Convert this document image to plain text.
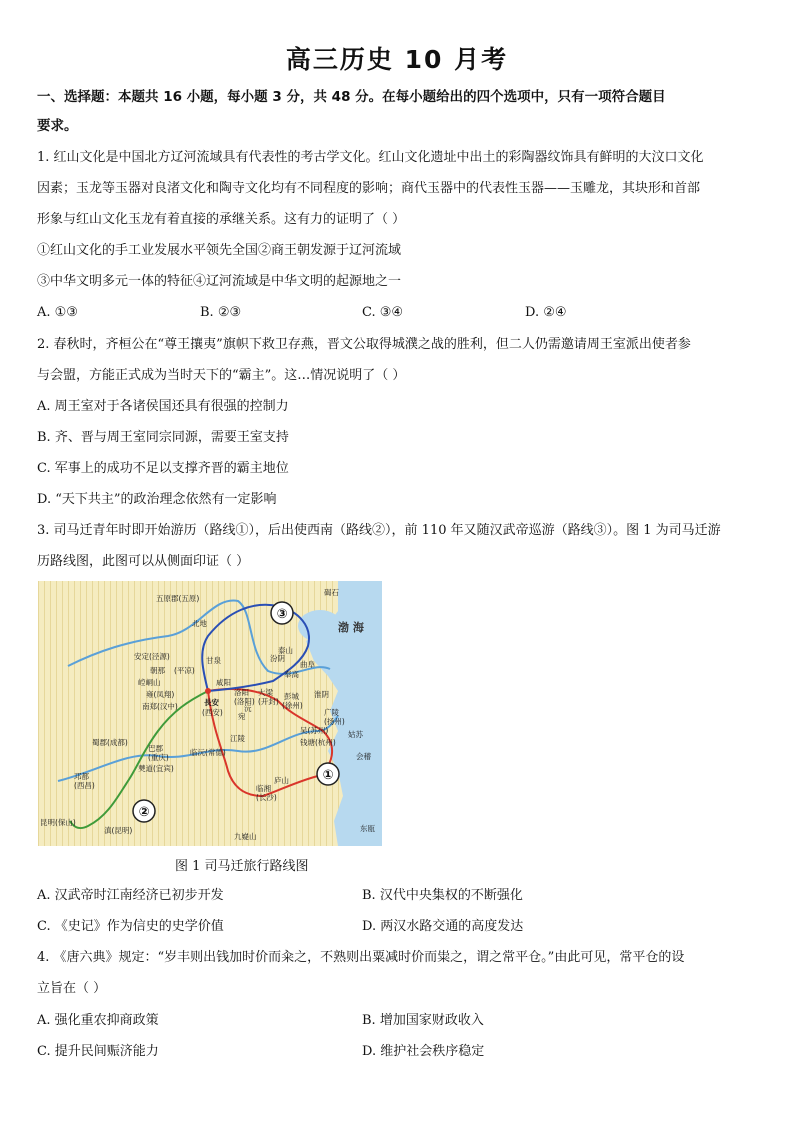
高三历史 10 月考
一、选择题：本题共 16 小题，每小题 3 分，共 48 分。在每小题给出的四个选项中，只有一项符合题目
要求。
1. 红山文化是中国北方辽河流域具有代表性的考古学文化。红山文化遗址中出土的彩陶器纹饰具有鲜明的大汶口文化
因素；玉龙等玉器对良渚文化和陶寺文化均有不同程度的影响；商代玉器中的代表性玉器——玉雕龙，其块形和首部
形象与红山文化玉龙有着直接的承继关系。这有力的证明了（ ）
①红山文化的手工业发展水平领先全国②商王朝发源于辽河流域
③中华文明多元一体的特征④辽河流域是中华文明的起源地之一
A. ①③	B. ②③	C. ③④	D. ②④
2. 春秋时，齐桓公在“尊王攘夷”旗帜下救卫存燕，晋文公取得城濮之战的胜利，但二人仍需邀请周王室派出使者参
与会盟，方能正式成为当时天下的“霸主”。这…情况说明了（ ）
A. 周王室对于各诸侯国还具有很强的控制力
B. 齐、晋与周王室同宗同源，需要王室支持
C. 军事上的成功不足以支撑齐晋的霸主地位
D. “天下共主”的政治理念依然有一定影响
3. 司马迁青年时即开始游历（路线①），后出使西南（路线②），前 110 年又随汉武帝巡游（路线③）。图 1 为司马迁游
历路线图，此图可以从侧面印证（ ）
①
②
③
渤 海
五原郡(五原)
北地
甘泉
安定(泾源)
朝那 (平凉)
崆峒山
雍(凤翔)
南郑(汉中)	長安
(西安)
咸阳
汾阴
洛阳
(洛阳)
宛
大梁
(开封)
彭城
(徐州)
淮阴
曲阜
奉高
泰山
碣石
广陵
(扬州)
姑苏
吴(苏州)
会稽
钱塘(杭州)
庐山
临沅(常德)
临湘
(长沙)
巴郡
(重庆)
蜀郡(成都)
僰道(宜宾)
邛都
(西昌)
昆明(保山)
滇(昆明)
九嶷山
沅
江陵
东瓯
图 1 司马迁旅行路线图
A. 汉武帝时江南经济已初步开发	B. 汉代中央集权的不断强化
C. 《史记》作为信史的史学价值	D. 两汉水路交通的高度发达
4. 《唐六典》规定：“岁丰则出钱加时价而籴之，不熟则出粟减时价而粜之，谓之常平仓。”由此可见，常平仓的设
立旨在（ ）
A. 强化重农抑商政策	B. 增加国家财政收入
C. 提升民间赈济能力	D. 维护社会秩序稳定
